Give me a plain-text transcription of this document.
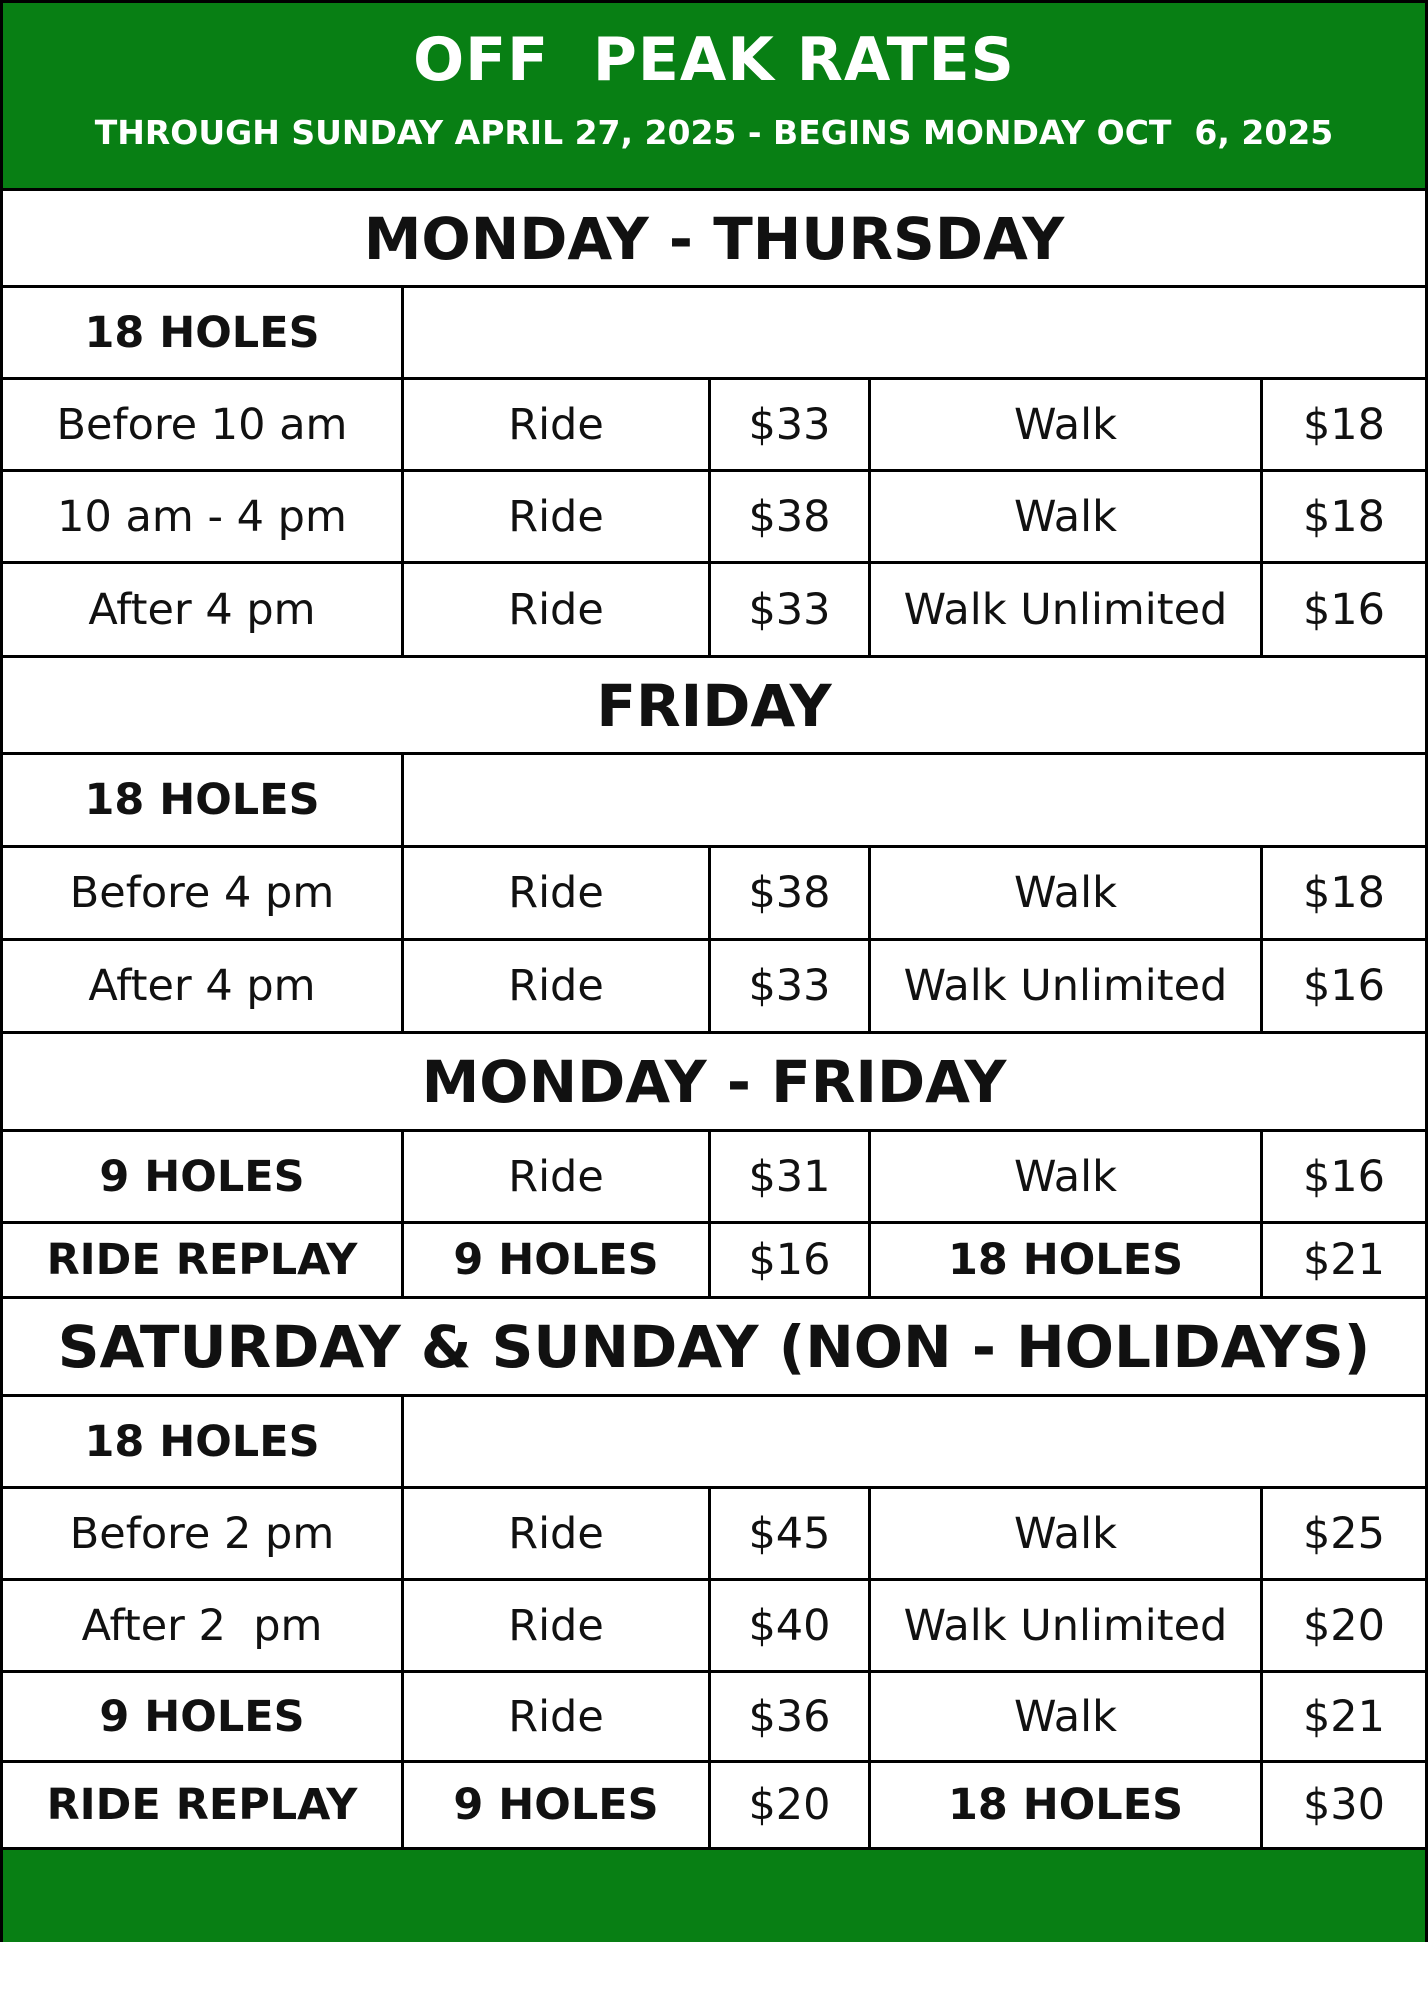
OFF  PEAK RATES
THROUGH SUNDAY APRIL 27, 2025 - BEGINS MONDAY OCT  6, 2025
MONDAY - THURSDAY
18 HOLES
Before 10 am	Ride	$33	Walk	$18
10 am - 4 pm	Ride	$38	Walk	$18
After 4 pm	Ride	$33	Walk Unlimited	$16
FRIDAY
18 HOLES
Before 4 pm	Ride	$38	Walk	$18
After 4 pm	Ride	$33	Walk Unlimited	$16
MONDAY - FRIDAY
9 HOLES	Ride	$31	Walk	$16
RIDE REPLAY	9 HOLES	$16	18 HOLES	$21
SATURDAY & SUNDAY (NON - HOLIDAYS)
18 HOLES
Before 2 pm	Ride	$45	Walk	$25
After 2  pm	Ride	$40	Walk Unlimited	$20
9 HOLES	Ride	$36	Walk	$21
RIDE REPLAY	9 HOLES	$20	18 HOLES	$30
